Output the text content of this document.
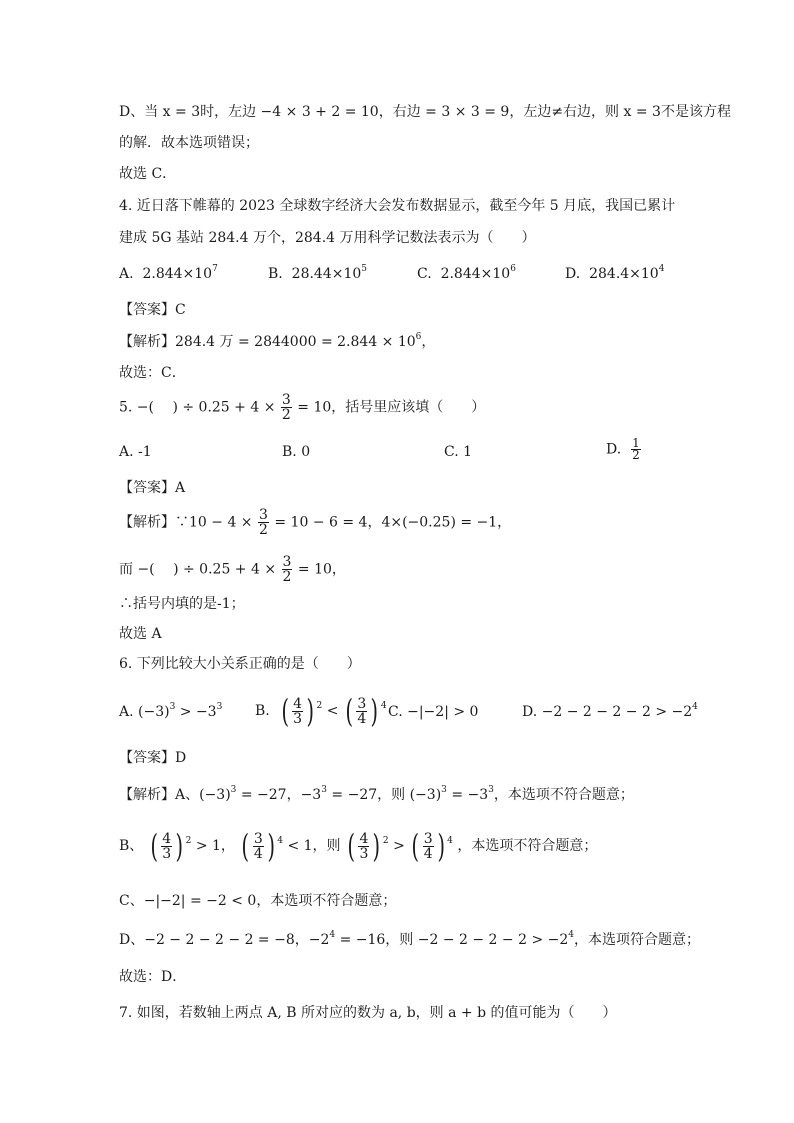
D、当 x = 3时，左边 −4 × 3 + 2 = 10，右边 = 3 × 3 = 9，左边≠右边，则 x = 3不是该方程
的解．故本选项错误；
故选 C．
4. 近日落下帷幕的 2023 全球数字经济大会发布数据显示，截至今年 5 月底，我国已累计
建成 5G 基站 284.4 万个，284.4 万用科学记数法表示为（　　）
A. $2.844\times 10^7$	B. $28.44\times 10^5$	C. $2.844\times 10^6$	D. $284.4\times 10^4$
【答案】C
【解析】284.4 万 = $2844000 = 2.844 \times 10^6$，
故选：C．
5. −(　 ) ÷ $0.25 + 4 \times \frac{3}{2} = 10$，括号里应该填（　　）
A. -1	B. 0	C. 1	D. $\frac{1}{2}$
【答案】A
【解析】∵10 − $4 \times \frac{3}{2} = 10 - 6 = 4$，4×(−0.25) = −1，
而 −(　 ) ÷ $0.25 + 4 \times \frac{3}{2} = 10$，
∴括号内填的是-1；
故选 A
6. 下列比较大小关系正确的是（　　）
A. $(-3)^3 > -3^3$ B. ( $\frac{4}{3}$ ) $^2$ < ( $\frac{3}{4}$ ) $^4$ C. −|−2| > 0	D. $-2 - 2 - 2 - 2 > -2^4$
【答案】D
【解析】A、$(-3)^3 = -27$，$-3^3 = -27$，则 $(-3)^3 = -3^3$，本选项不符合题意；
B、 ( $\frac{4}{3}$ ) $^2$ > 1， ( $\frac{3}{4}$ ) $^4$ < 1，则 ( $\frac{4}{3}$ ) $^2$ > ( $\frac{3}{4}$ ) $^4$ ，本选项不符合题意；
C、−|−2| = −2 < 0，本选项不符合题意；
D、−2 − 2 − 2 − 2 = −8，$-2^4 = -16$，则 $-2 - 2 - 2 - 2 > -2^4$，本选项符合题意；
故选：D．
7. 如图，若数轴上两点 A, B 所对应的数为 a, b，则 a + b 的值可能为（　　）
